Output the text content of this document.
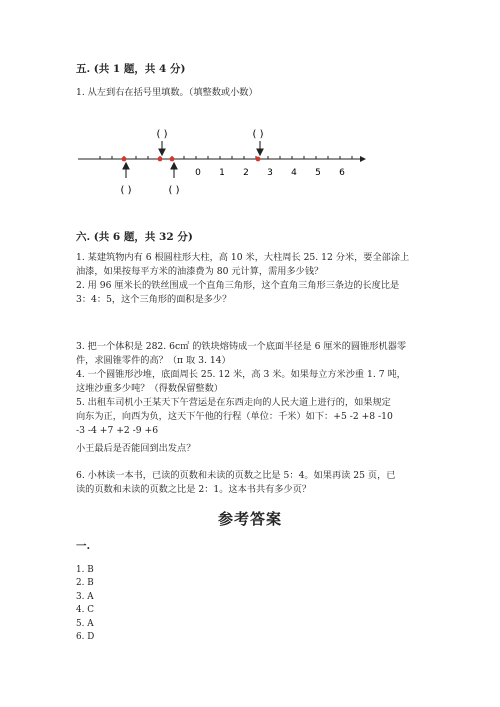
五. (共 1 题，共 4 分)
1. 从左到右在括号里填数。（填整数或小数）
0 1 2 3 4 5 6
( )	( )
( )	( )
六. (共 6 题，共 32 分)
1. 某建筑物内有 6 根圆柱形大柱，高 10 米，大柱周长 25. 12 分米，要全部涂上
油漆，如果按每平方米的油漆费为 80 元计算，需用多少钱？
2. 用 96 厘米长的铁丝围成一个直角三角形，这个直角三角形三条边的长度比是
3：4：5，这个三角形的面积是多少？
3. 把一个体积是 282. 6c㎡ 的铁块熔铸成一个底面半径是 6 厘米的圆锥形机器零
件，求圆锥零件的高？（π 取 3. 14）
4. 一个圆锥形沙堆，底面周长 25. 12 米，高 3 米。如果每立方米沙重 1. 7 吨，
这堆沙重多少吨？（得数保留整数）
5. 出租车司机小王某天下午营运是在东西走向的人民大道上进行的，如果规定
向东为正，向西为负，这天下午他的行程（单位：千米）如下：+5 -2 +8 -10
-3 -4 +7 +2 -9 +6
小王最后是否能回到出发点？
6. 小林读一本书，已读的页数和未读的页数之比是 5：4。如果再读 25 页，已
读的页数和未读的页数之比是 2：1。这本书共有多少页？
参考答案
一.
1. B
2. B
3. A
4. C
5. A
6. D
